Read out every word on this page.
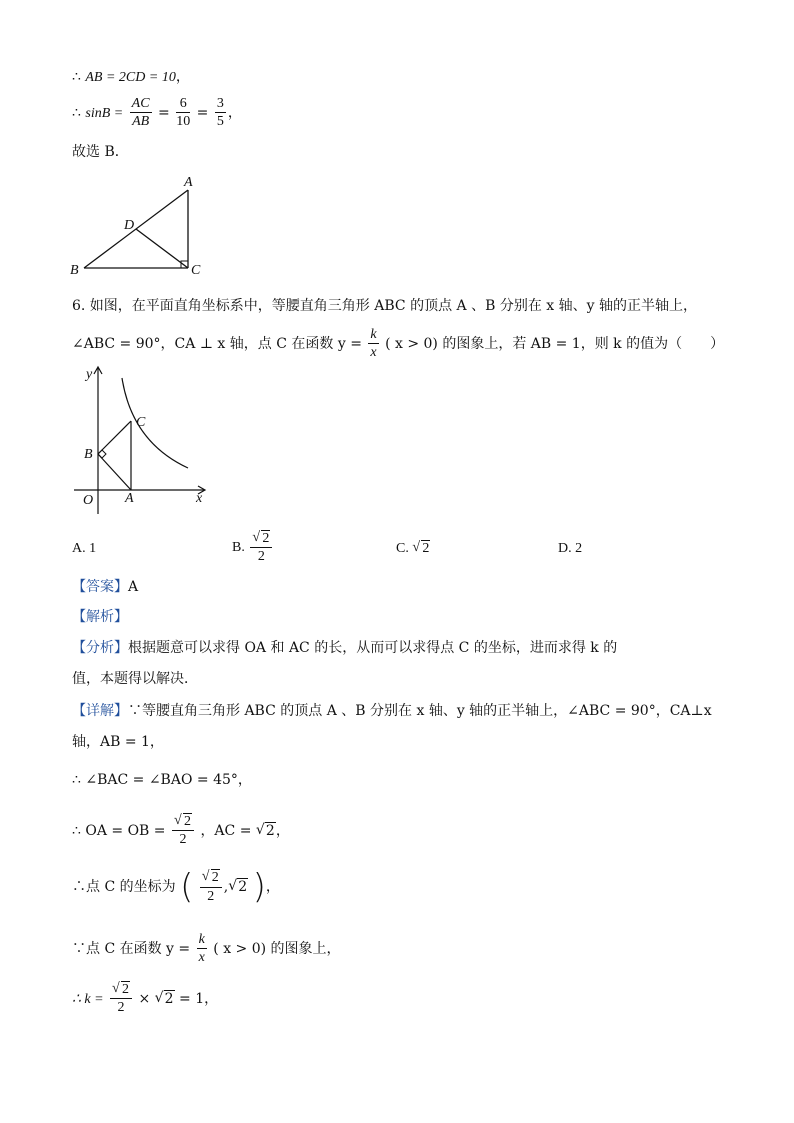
∴ AB = 2CD = 10，
∴ $\sin B = \frac{AC}{AB} = \frac{6}{10} = \frac{3}{5}$ ，
故选 B．
A
B	C
D
6. 如图，在平面直角坐标系中，等腰直角三角形 ABC 的顶点 A 、B 分别在 x 轴、y 轴的正半轴上，
∠ABC = 90°，CA ⊥ x 轴，点 C 在函数 $y = \frac{k}{x}$ ( x > 0) 的图象上，若 AB = 1，则 k 的值为（　　）
y
x
O A
B
C
A. 1	B. √ $\frac{2}{2}$	C. √ 2	D. 2
【答案】A
【解析】
【分析】根据题意可以求得 OA 和 AC 的长，从而可以求得点 C 的坐标，进而求得 k 的
值，本题得以解决．
【详解】∵等腰直角三角形 ABC 的顶点 A 、B 分别在 x 轴、y 轴的正半轴上，∠ABC = 90°，CA⊥x
轴，AB = 1，
∴ ∠BAC = ∠BAO = 45°，
∴ OA = OB = √ $\frac{2}{2}$ ，AC = √ 2，
∴点 C 的坐标为 ( √ $\frac{2}{2}$ , √ 2 )，
∵点 C 在函数 $y = \frac{k}{x}$ ( x > 0) 的图象上，
∴ k = √ $\frac{2}{2}$ × √ 2 = 1，
